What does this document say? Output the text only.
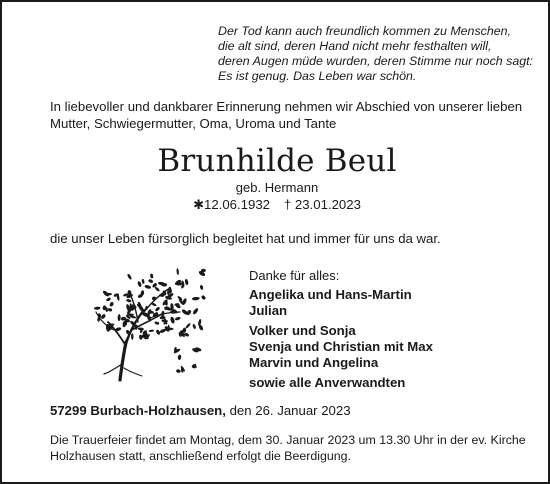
Der Tod kann auch freundlich kommen zu Menschen,
die alt sind, deren Hand nicht mehr festhalten will,
deren Augen müde wurden, deren Stimme nur noch sagt:
Es ist genug. Das Leben war schön.
In liebevoller und dankbarer Erinnerung nehmen wir Abschied von unserer lieben
Mutter, Schwiegermutter, Oma, Uroma und Tante
Brunhilde Beul
geb. Hermann
✱12.06.1932 † 23.01.2023
die unser Leben fürsorglich begleitet hat und immer für uns da war.
Danke für alles:
Angelika und Hans-Martin
Julian
Volker und Sonja
Svenja und Christian mit Max
Marvin und Angelina
sowie alle Anverwandten
57299 Burbach-Holzhausen, den 26. Januar 2023
Die Trauerfeier findet am Montag, dem 30. Januar 2023 um 13.30 Uhr in der ev. Kirche
Holzhausen statt, anschließend erfolgt die Beerdigung.
